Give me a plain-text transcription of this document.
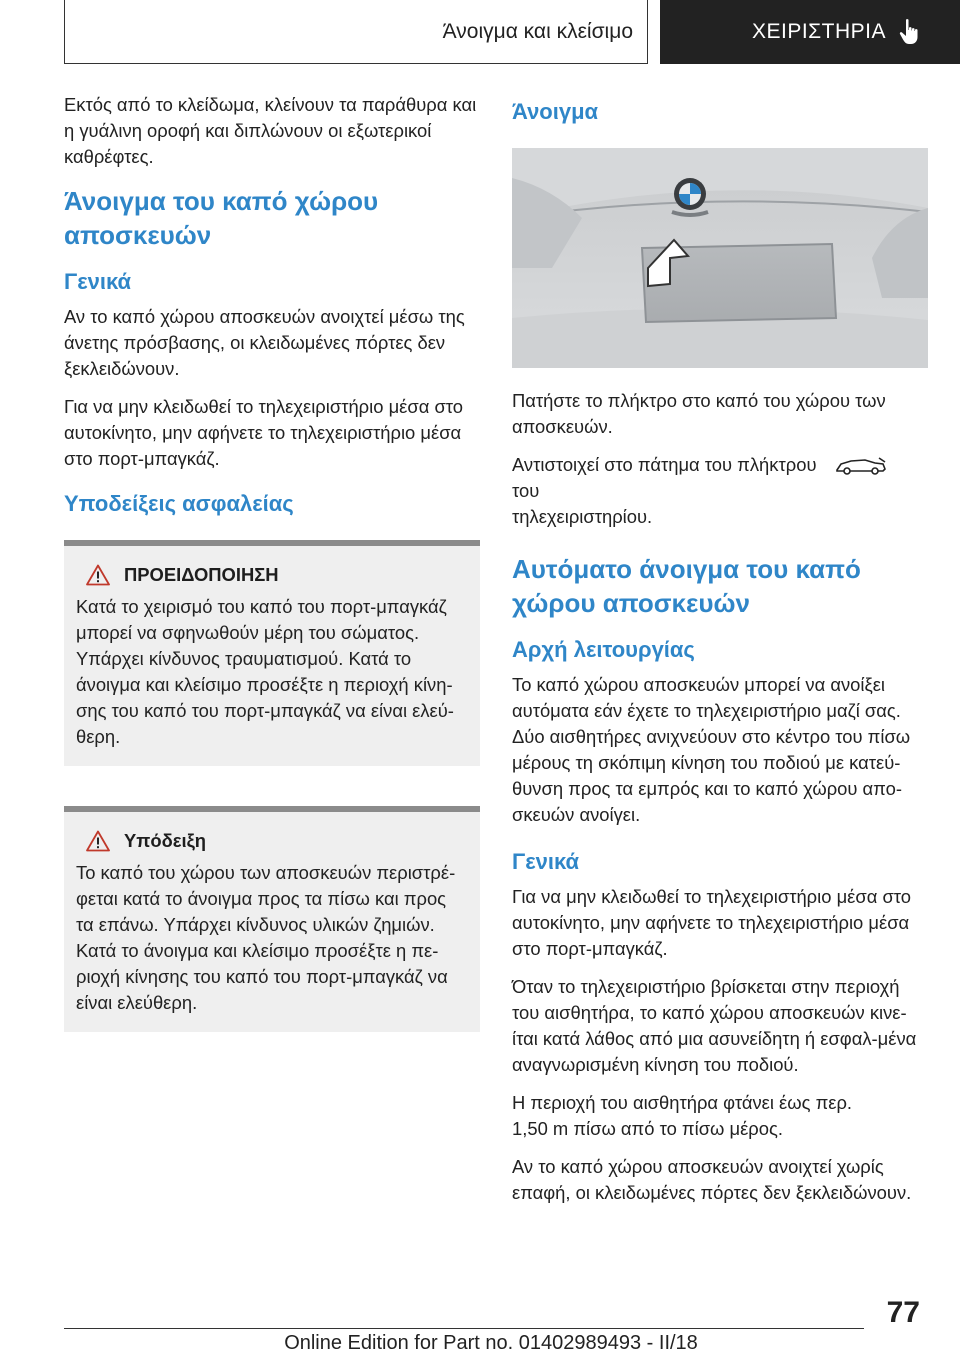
Άνοιγμα και κλείσιμο	ΧΕΙΡΙΣΤΗΡΙΑ

Εκτός από το κλείδωμα, κλείνουν τα παράθυρα και η γυάλινη οροφή και διπλώνουν οι εξωτερικοί καθρέφτες.

Άνοιγμα του καπό χώρου αποσκευών
Γενικά

Αν το καπό χώρου αποσκευών ανοιχτεί μέσω της άνετης πρόσβασης, οι κλειδωμένες πόρτες δεν ξεκλειδώνουν.

Για να μην κλειδωθεί το τηλεχειριστήριο μέσα στο αυτοκίνητο, μην αφήνετε το τηλεχειριστήριο μέσα στο πορτ-μπαγκάζ.

Υποδείξεις ασφαλείας
ΠΡΟΕΙΔΟΠΟΙΗΣΗ

Κατά το χειρισμό του καπό του πορτ-μπαγκάζ μπορεί να σφηνωθούν μέρη του σώματος. Υπάρχει κίνδυνος τραυματισμού. Κατά το άνοιγμα και κλείσιμο προσέξτε η περιοχή κίνη-σης του καπό του πορτ-μπαγκάζ να είναι ελεύ-θερη.

Υπόδειξη

Το καπό του χώρου των αποσκευών περιστρέ-φεται κατά το άνοιγμα προς τα πίσω και προς τα επάνω. Υπάρχει κίνδυνος υλικών ζημιών. Κατά το άνοιγμα και κλείσιμο προσέξτε η πε-ριοχή κίνησης του καπό του πορτ-μπαγκάζ να είναι ελεύθερη.

Άνοιγμα

Πατήστε το πλήκτρο στο καπό του χώρου των αποσκευών.

Αντιστοιχεί στο πάτημα του πλήκτρουτου
τηλεχειριστηρίου.

Αυτόματο άνοιγμα του καπό χώρου αποσκευών
Αρχή λειτουργίας

Το καπό χώρου αποσκευών μπορεί να ανοίξει αυτόματα εάν έχετε το τηλεχειριστήριο μαζί σας. Δύο αισθητήρες ανιχνεύουν στο κέντρο του πίσω μέρους τη σκόπιμη κίνηση του ποδιού με κατεύ-θυνση προς τα εμπρός και το καπό χώρου απο-σκευών ανοίγει.

Γενικά

Για να μην κλειδωθεί το τηλεχειριστήριο μέσα στο αυτοκίνητο, μην αφήνετε το τηλεχειριστήριο μέσα στο πορτ-μπαγκάζ.

Όταν το τηλεχειριστήριο βρίσκεται στην περιοχή του αισθητήρα, το καπό χώρου αποσκευών κινε-ίται κατά λάθος από μια ασυνείδητη ή εσφαλ-μένα αναγνωρισμένη κίνηση του ποδιού.

Η περιοχή του αισθητήρα φτάνει έως περ.
1,50 m πίσω από το πίσω μέρος.

Αν το καπό χώρου αποσκευών ανοιχτεί χωρίς επαφή, οι κλειδωμένες πόρτες δεν ξεκλειδώνουν.

77
Online Edition for Part no. 01402989493 - II/18
